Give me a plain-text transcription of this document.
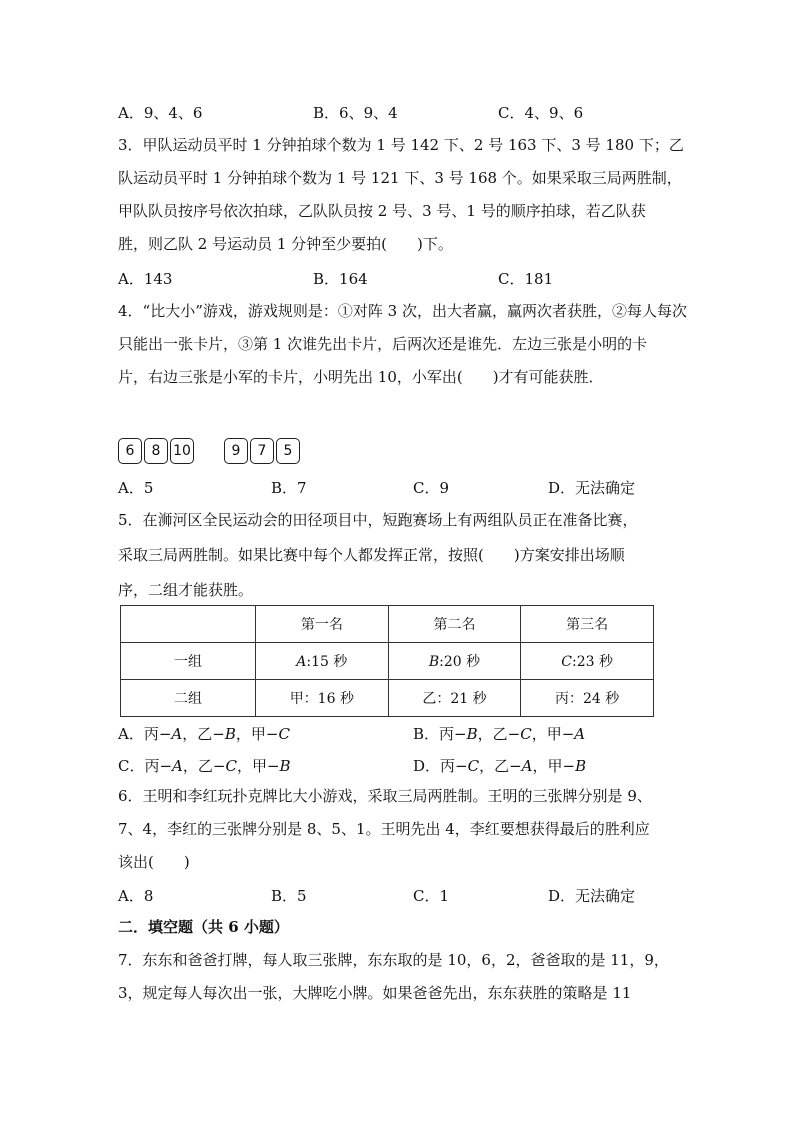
A．9、4、6	B．6、9、4	C．4、9、6
3．甲队运动员平时 1 分钟拍球个数为 1 号 142 下、2 号 163 下、3 号 180 下；乙
队运动员平时 1 分钟拍球个数为 1 号 121 下、3 号 168 个。如果采取三局两胜制，
甲队队员按序号依次拍球，乙队队员按 2 号、3 号、1 号的顺序拍球，若乙队获
胜，则乙队 2 号运动员 1 分钟至少要拍(　　)下。
A．143	B．164	C．181
4．“比大小”游戏，游戏规则是：①对阵 3 次，出大者赢，赢两次者获胜，②每人每次
只能出一张卡片，③第 1 次谁先出卡片，后两次还是谁先．左边三张是小明的卡
片，右边三张是小军的卡片，小明先出 10，小军出(　　)才有可能获胜．
6	8 10	9	7	5
A．5	B．7	C．9	D．无法确定
5．在浉河区全民运动会的田径项目中，短跑赛场上有两组队员正在准备比赛，
采取三局两胜制。如果比赛中每个人都发挥正常，按照(　　)方案安排出场顺
序，二组才能获胜。
	第一名	第二名	第三名
一组	A:15 秒	B:20 秒	C:23 秒
二组	甲：16 秒	乙：21 秒	丙：24 秒
A．丙−A，乙−B，甲−C	B．丙−B，乙−C，甲−A
C．丙−A，乙−C，甲−B	D．丙−C，乙−A，甲−B
6．王明和李红玩扑克牌比大小游戏，采取三局两胜制。王明的三张牌分别是 9、
7、4，李红的三张牌分别是 8、5、1。王明先出 4，李红要想获得最后的胜利应
该出(　　)
A．8	B．5	C．1	D．无法确定
二．填空题（共 6 小题）
7．东东和爸爸打牌，每人取三张牌，东东取的是 10，6，2，爸爸取的是 11，9，
3，规定每人每次出一张，大牌吃小牌。如果爸爸先出，东东获胜的策略是 11
